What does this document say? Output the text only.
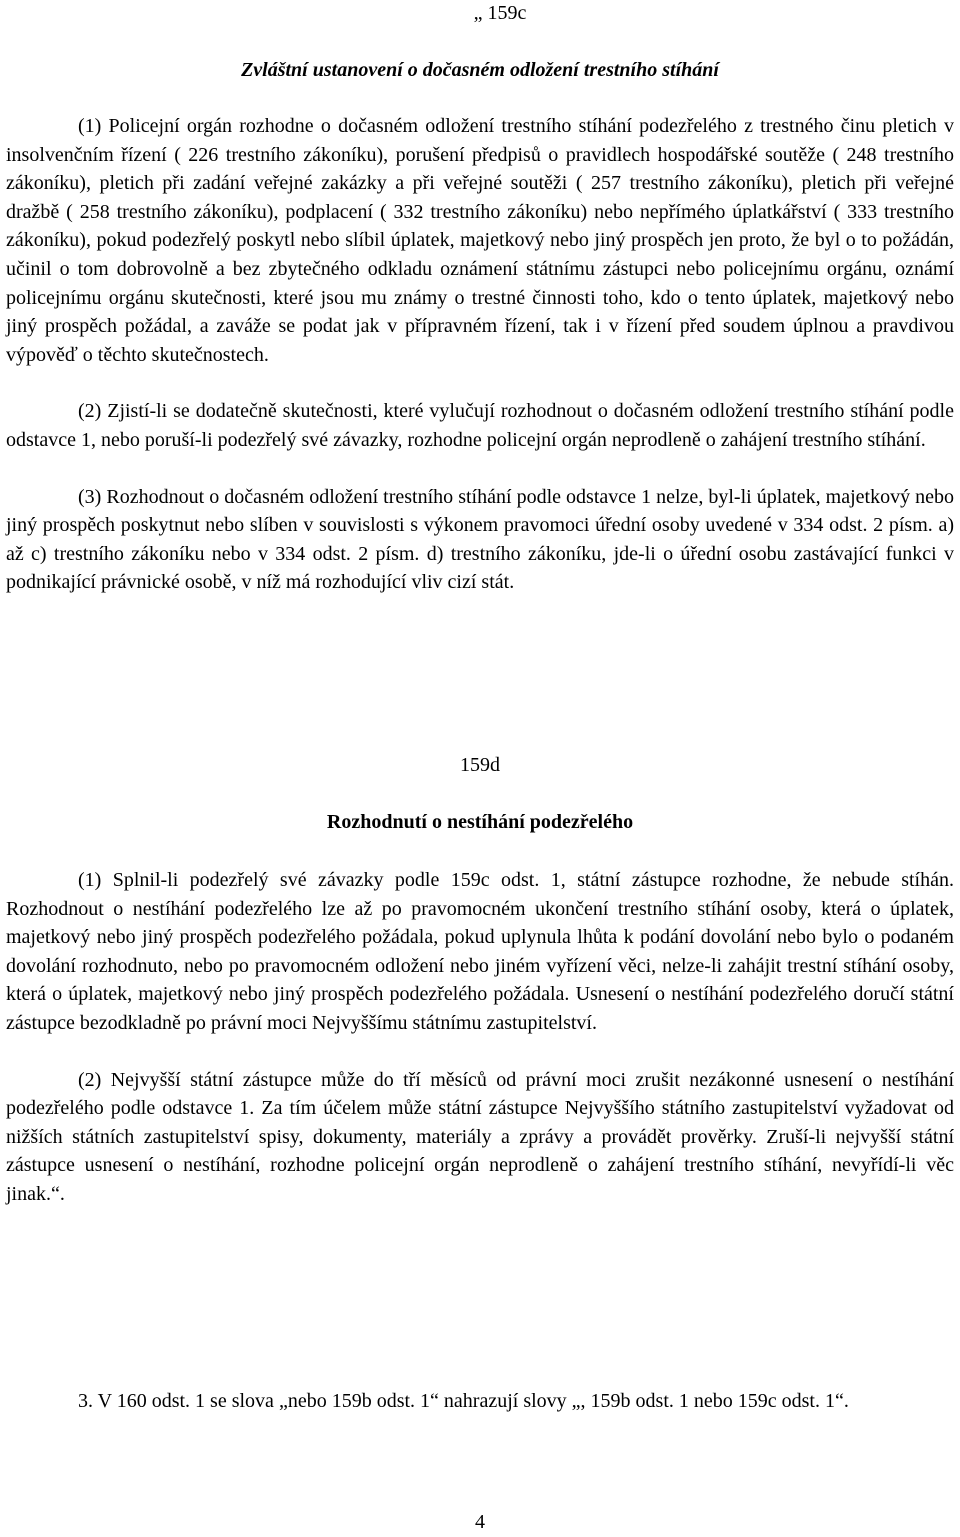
„ 159c

Zvláštní ustanovení o dočasném odložení trestního stíhání

(1) Policejní orgán rozhodne o dočasném odložení trestního stíhání podezřelého z trestného činu pletich v insolvenčním řízení ( 226 trestního zákoníku), porušení předpisů o pravidlech hospodářské soutěže ( 248 trestního zákoníku), pletich při zadání veřejné zakázky a při veřejné soutěži ( 257 trestního zákoníku), pletich při veřejné dražbě ( 258 trestního zákoníku), podplacení ( 332 trestního zákoníku) nebo nepřímého úplatkářství ( 333 trestního zákoníku), pokud podezřelý poskytl nebo slíbil úplatek, majetkový nebo jiný prospěch jen proto, že byl o to požádán, učinil o tom dobrovolně a bez zbytečného odkladu oznámení státnímu zástupci nebo policejnímu orgánu, oznámí policejnímu orgánu skutečnosti, které jsou mu známy o trestné činnosti toho, kdo o tento úplatek, majetkový nebo jiný prospěch požádal, a zaváže se podat jak v přípravném řízení, tak i v řízení před soudem úplnou a pravdivou výpověď o těchto skutečnostech.

(2) Zjistí-li se dodatečně skutečnosti, které vylučují rozhodnout o dočasném odložení trestního stíhání podle odstavce 1, nebo poruší-li podezřelý své závazky, rozhodne policejní orgán neprodleně o zahájení trestního stíhání.

(3) Rozhodnout o dočasném odložení trestního stíhání podle odstavce 1 nelze, byl-li úplatek, majetkový nebo jiný prospěch poskytnut nebo slíben v souvislosti s výkonem pravomoci úřední osoby uvedené v 334 odst. 2 písm. a) až c) trestního zákoníku nebo v 334 odst. 2 písm. d) trestního zákoníku, jde-li o úřední osobu zastávající funkci v podnikající právnické osobě, v níž má rozhodující vliv cizí stát.

159d

Rozhodnutí o nestíhání podezřelého

(1) Splnil-li podezřelý své závazky podle 159c odst. 1, státní zástupce rozhodne, že nebude stíhán. Rozhodnout o nestíhání podezřelého lze až po pravomocném ukončení trestního stíhání osoby, která o úplatek, majetkový nebo jiný prospěch podezřelého požádala, pokud uplynula lhůta k podání dovolání nebo bylo o podaném dovolání rozhodnuto, nebo po pravomocném odložení nebo jiném vyřízení věci, nelze-li zahájit trestní stíhání osoby, která o úplatek, majetkový nebo jiný prospěch podezřelého požádala. Usnesení o nestíhání podezřelého doručí státní zástupce bezodkladně po právní moci Nejvyššímu státnímu zastupitelství.

(2) Nejvyšší státní zástupce může do tří měsíců od právní moci zrušit nezákonné usnesení o nestíhání podezřelého podle odstavce 1. Za tím účelem může státní zástupce Nejvyššího státního zastupitelství vyžadovat od nižších státních zastupitelství spisy, dokumenty, materiály a zprávy a provádět prověrky. Zruší-li nejvyšší státní zástupce usnesení o nestíhání, rozhodne policejní orgán neprodleně o zahájení trestního stíhání, nevyřídí-li věc jinak.“.

3. V 160 odst. 1 se slova „nebo 159b odst. 1“ nahrazují slovy „, 159b odst. 1 nebo 159c odst. 1“.

4
